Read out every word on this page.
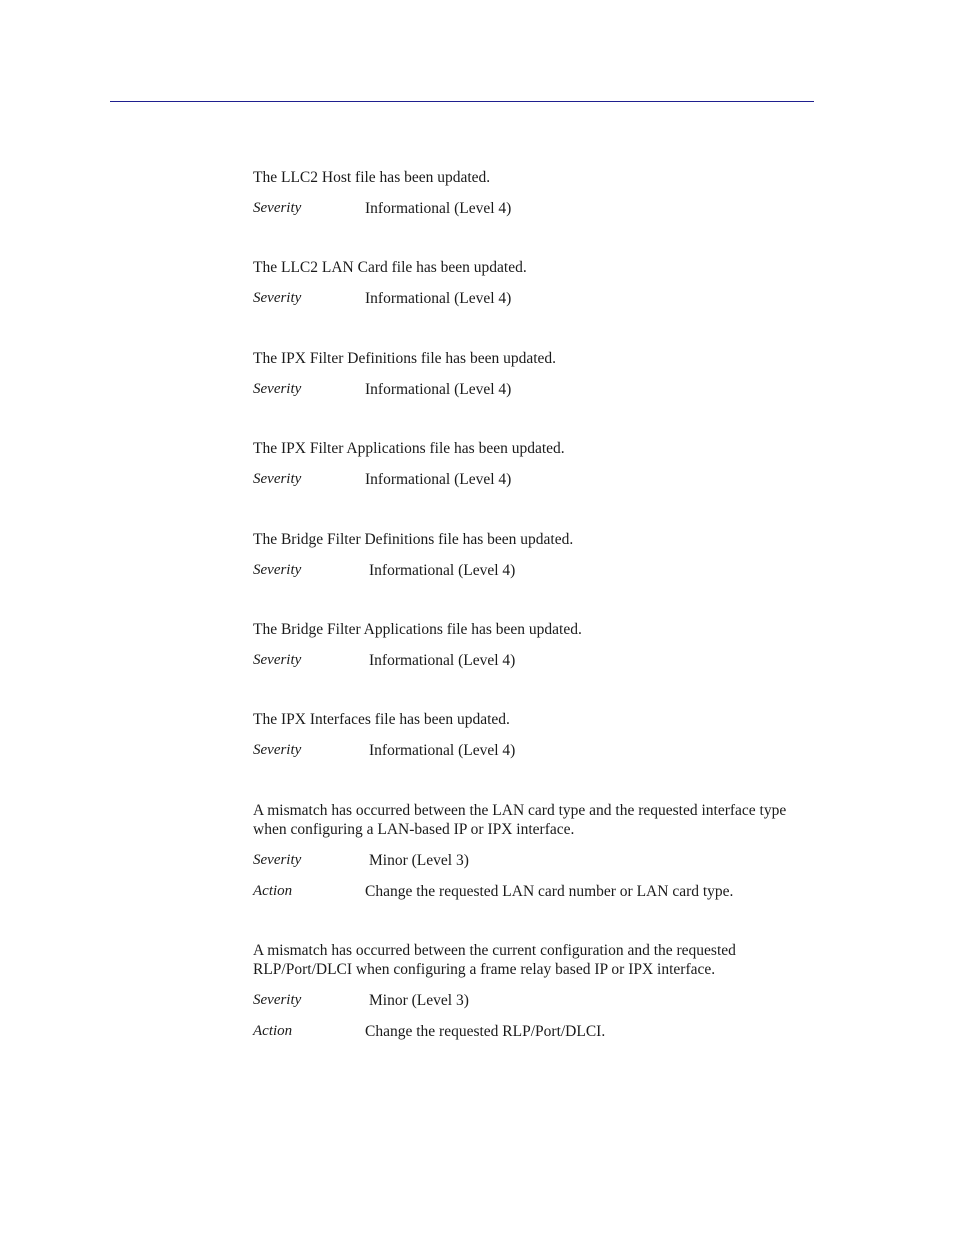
The LLC2 Host file has been updated.

Severity	Informational (Level 4)

The LLC2 LAN Card file has been updated.

Severity	Informational (Level 4)

The IPX Filter Definitions file has been updated.

Severity	Informational (Level 4)

The IPX Filter Applications file has been updated.

Severity	Informational (Level 4)

The Bridge Filter Definitions file has been updated.

Severity	Informational (Level 4)

The Bridge Filter Applications file has been updated.

Severity	Informational (Level 4)

The IPX Interfaces file has been updated.

Severity	Informational (Level 4)

A mismatch has occurred between the LAN card type and the requested interface type when configuring a LAN-based IP or IPX interface.

Severity	Minor (Level 3)
Action	Change the requested LAN card number or LAN card type.

A mismatch has occurred between the current configuration and the requested RLP/Port/DLCI when configuring a frame relay based IP or IPX interface.

Severity	Minor (Level 3)
Action	Change the requested RLP/Port/DLCI.
